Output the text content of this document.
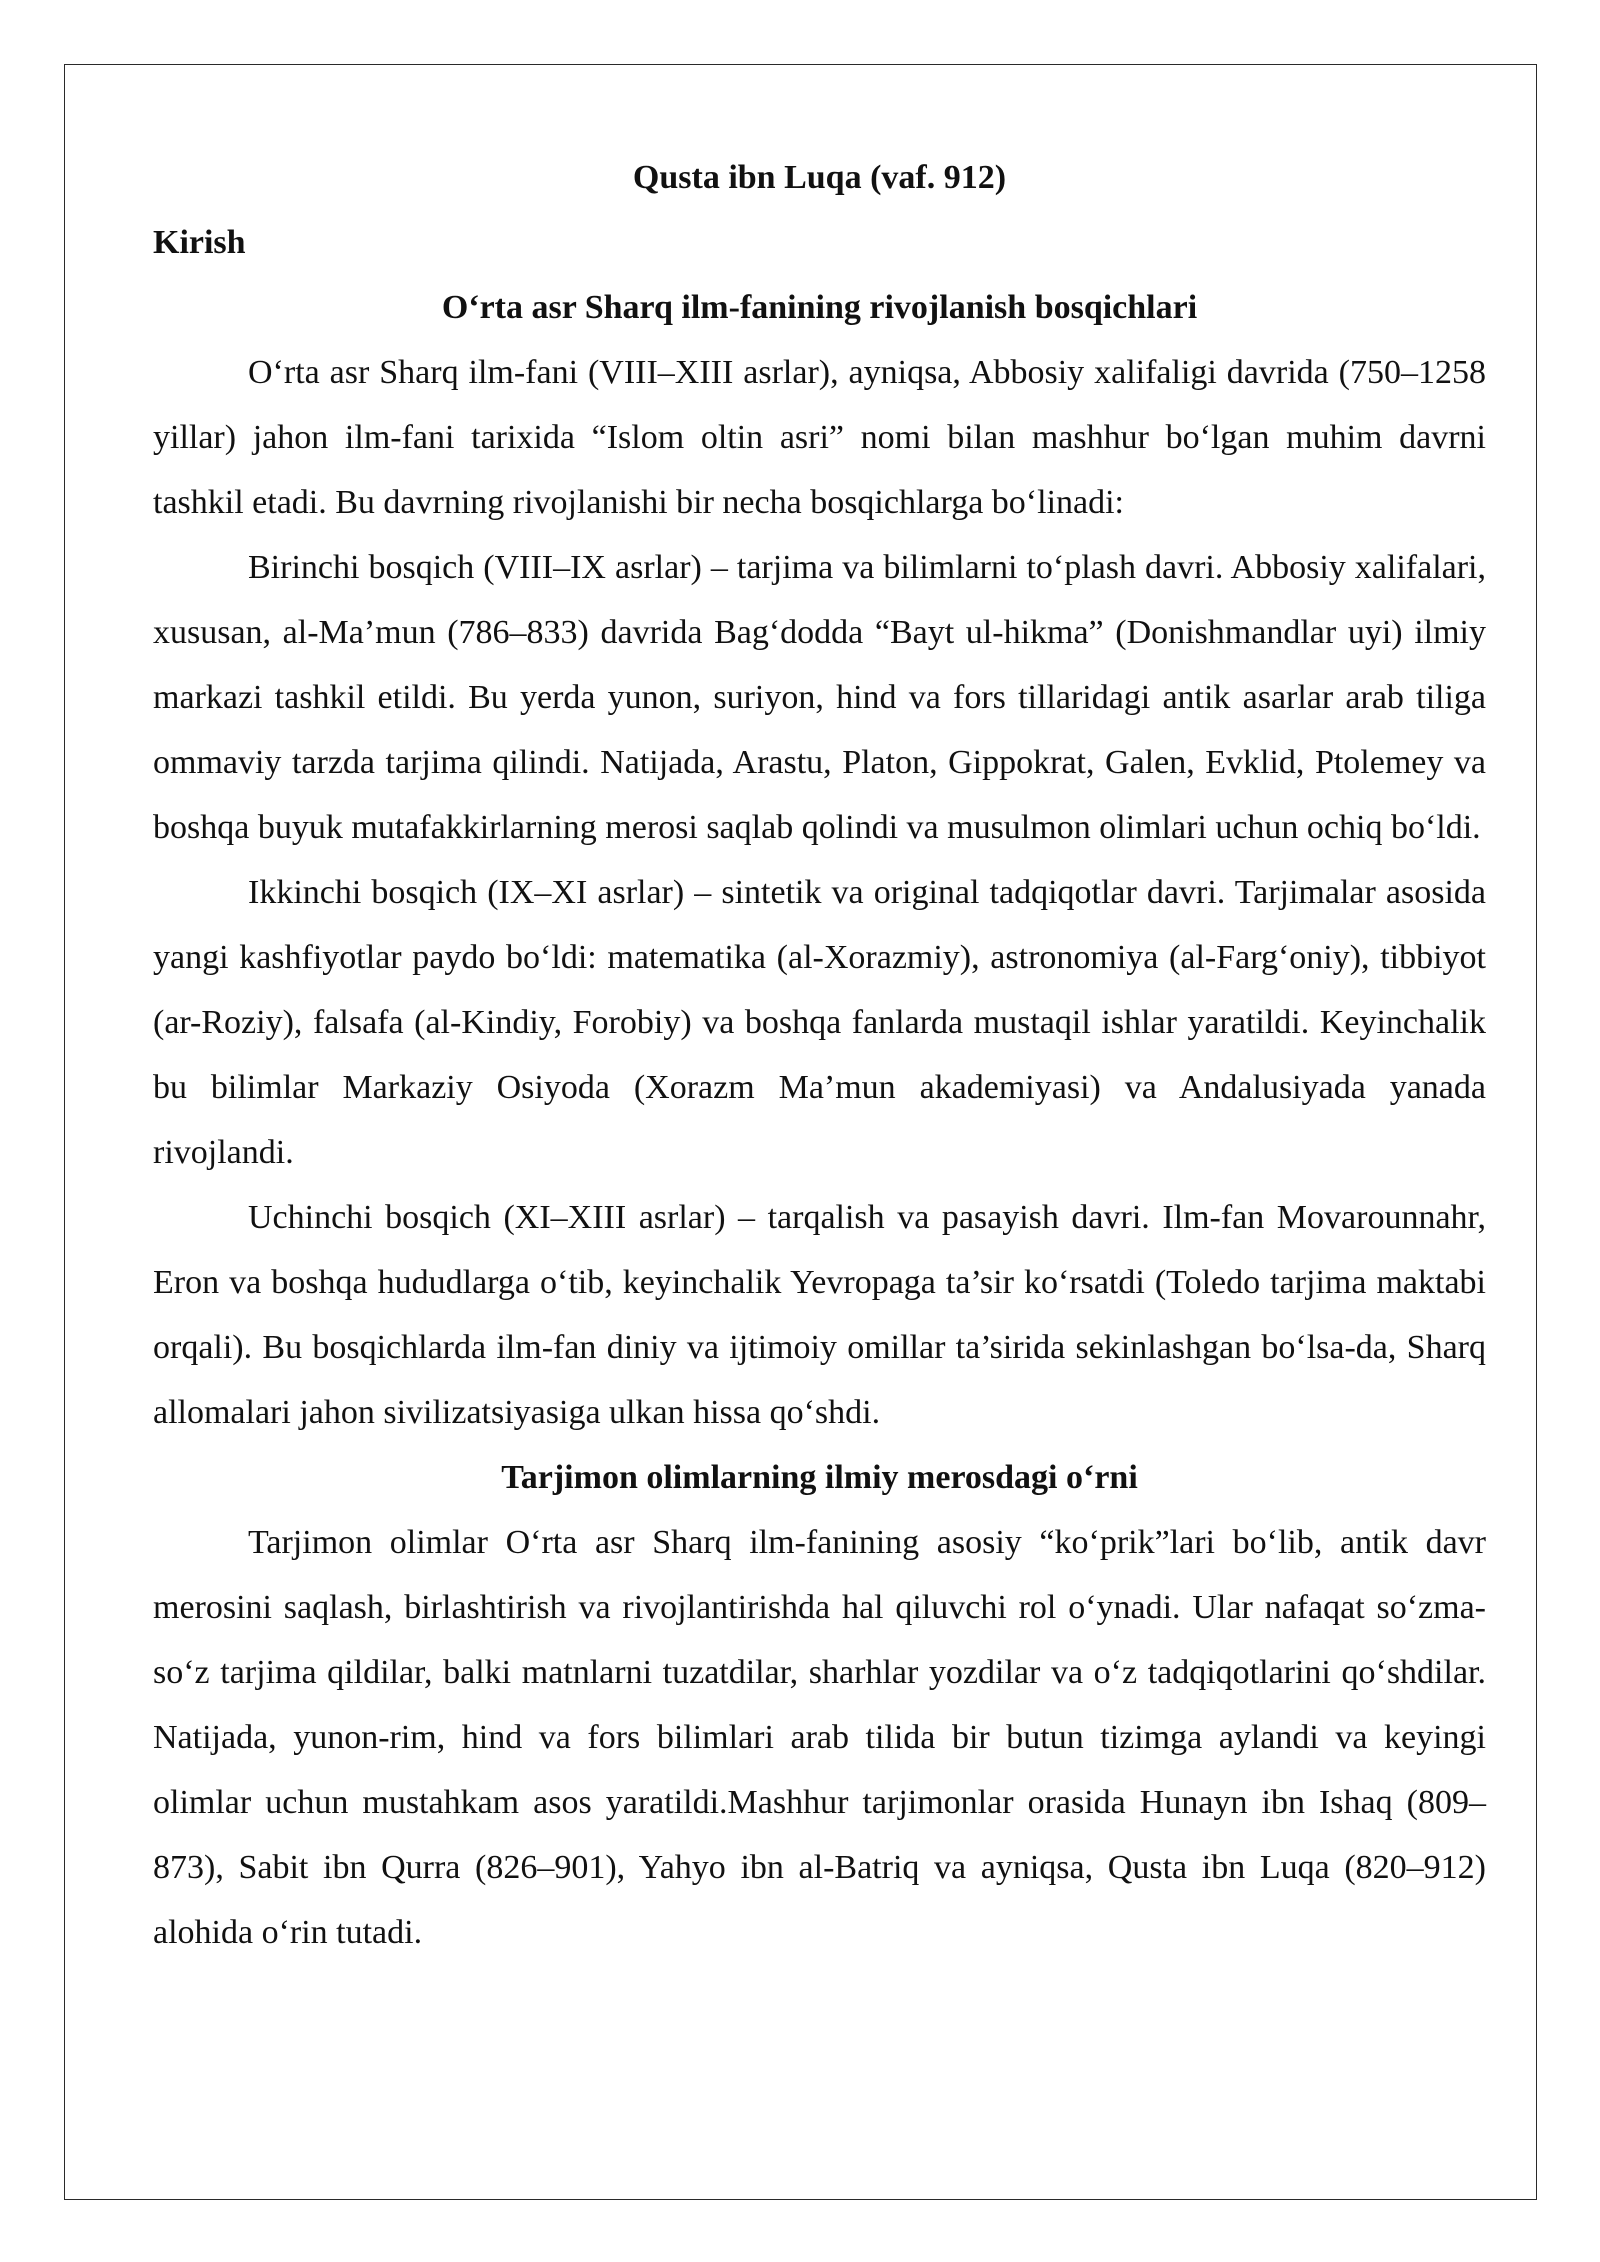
Qusta ibn Luqa (vaf. 912)

Kirish

O‘rta asr Sharq ilm-fanining rivojlanish bosqichlari

O‘rta asr Sharq ilm-fani (VIII–XIII asrlar), ayniqsa, Abbosiy xalifaligi davrida (750–1258 yillar) jahon ilm-fani tarixida “Islom oltin asri” nomi bilan mashhur bo‘lgan muhim davrni tashkil etadi. Bu davrning rivojlanishi bir necha bosqichlarga bo‘linadi:

Birinchi bosqich (VIII–IX asrlar) – tarjima va bilimlarni to‘plash davri. Abbosiy xalifalari, xususan, al-Ma’mun (786–833) davrida Bag‘dodda “Bayt ul-hikma” (Donishmandlar uyi) ilmiy markazi tashkil etildi. Bu yerda yunon, suriyon, hind va fors tillaridagi antik asarlar arab tiliga ommaviy tarzda tarjima qilindi. Natijada, Arastu, Platon, Gippokrat, Galen, Evklid, Ptolemey va boshqa buyuk mutafakkirlarning merosi saqlab qolindi va musulmon olimlari uchun ochiq bo‘ldi.

Ikkinchi bosqich (IX–XI asrlar) – sintetik va original tadqiqotlar davri. Tarjimalar asosida yangi kashfiyotlar paydo bo‘ldi: matematika (al-Xorazmiy), astronomiya (al-Farg‘oniy), tibbiyot (ar-Roziy), falsafa (al-Kindiy, Forobiy) va boshqa fanlarda mustaqil ishlar yaratildi. Keyinchalik bu bilimlar Markaziy Osiyoda (Xorazm Ma’mun akademiyasi) va Andalusiyada yanada rivojlandi.

Uchinchi bosqich (XI–XIII asrlar) – tarqalish va pasayish davri. Ilm-fan Movarounnahr, Eron va boshqa hududlarga o‘tib, keyinchalik Yevropaga ta’sir ko‘rsatdi (Toledo tarjima maktabi orqali). Bu bosqichlarda ilm-fan diniy va ijtimoiy omillar ta’sirida sekinlashgan bo‘lsa-da, Sharq allomalari jahon sivilizatsiyasiga ulkan hissa qo‘shdi.

Tarjimon olimlarning ilmiy merosdagi o‘rni

Tarjimon olimlar O‘rta asr Sharq ilm-fanining asosiy “ko‘prik”lari bo‘lib, antik davr merosini saqlash, birlashtirish va rivojlantirishda hal qiluvchi rol o‘ynadi. Ular nafaqat so‘zma-so‘z tarjima qildilar, balki matnlarni tuzatdilar, sharhlar yozdilar va o‘z tadqiqotlarini qo‘shdilar. Natijada, yunon-rim, hind va fors bilimlari arab tilida bir butun tizimga aylandi va keyingi olimlar uchun mustahkam asos yaratildi.Mashhur tarjimonlar orasida Hunayn ibn Ishaq (809–873), Sabit ibn Qurra (826–901), Yahyo ibn al-Batriq va ayniqsa, Qusta ibn Luqa (820–912) alohida o‘rin tutadi.
